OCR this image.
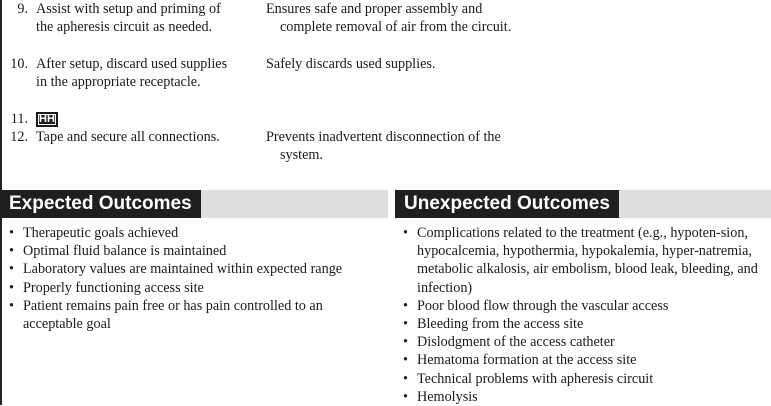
9. Assist with setup and priming of the apheresis circuit as needed.
Ensures safe and proper assembly and complete removal of air from the circuit.
10. After setup, discard used supplies in the appropriate receptacle.
Safely discards used supplies.
11. HH
12. Tape and secure all connections.	Prevents inadvertent disconnection of the system.
Expected Outcomes	Unexpected Outcomes
• Therapeutic goals achieved
• Optimal fluid balance is maintained
• Laboratory values are maintained within expected range
• Properly functioning access site
• Patient remains pain free or has pain controlled to an acceptable goal
• Complications related to the treatment (e.g., hypoten-sion, hypocalcemia, hypothermia, hypokalemia, hyper-natremia, metabolic alkalosis, air embolism, blood leak, bleeding, and infection)
• Poor blood flow through the vascular access
• Bleeding from the access site
• Dislodgment of the access catheter
• Hematoma formation at the access site
• Technical problems with apheresis circuit
• Hemolysis
